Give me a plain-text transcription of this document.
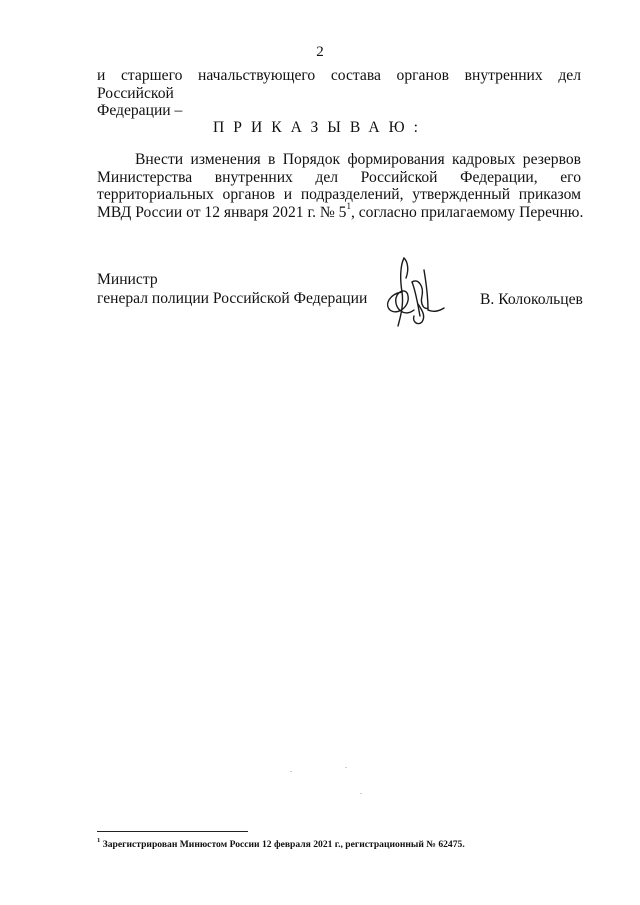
2
и старшего начальствующего состава органов внутренних дел Российской
Федерации –
ПРИКАЗЫВАЮ:
Внести изменения в Порядок формирования кадровых резервов
Министерства внутренних дел Российской Федерации, его
территориальных органов и подразделений, утвержденный приказом
МВД России от 12 января 2021 г. № $5^1$, согласно прилагаемому Перечню.
Министр
генерал полиции Российской Федерации	В. Колокольцев
$^1$ Зарегистрирован Минюстом России 12 февраля 2021 г., регистрационный № 62475.
